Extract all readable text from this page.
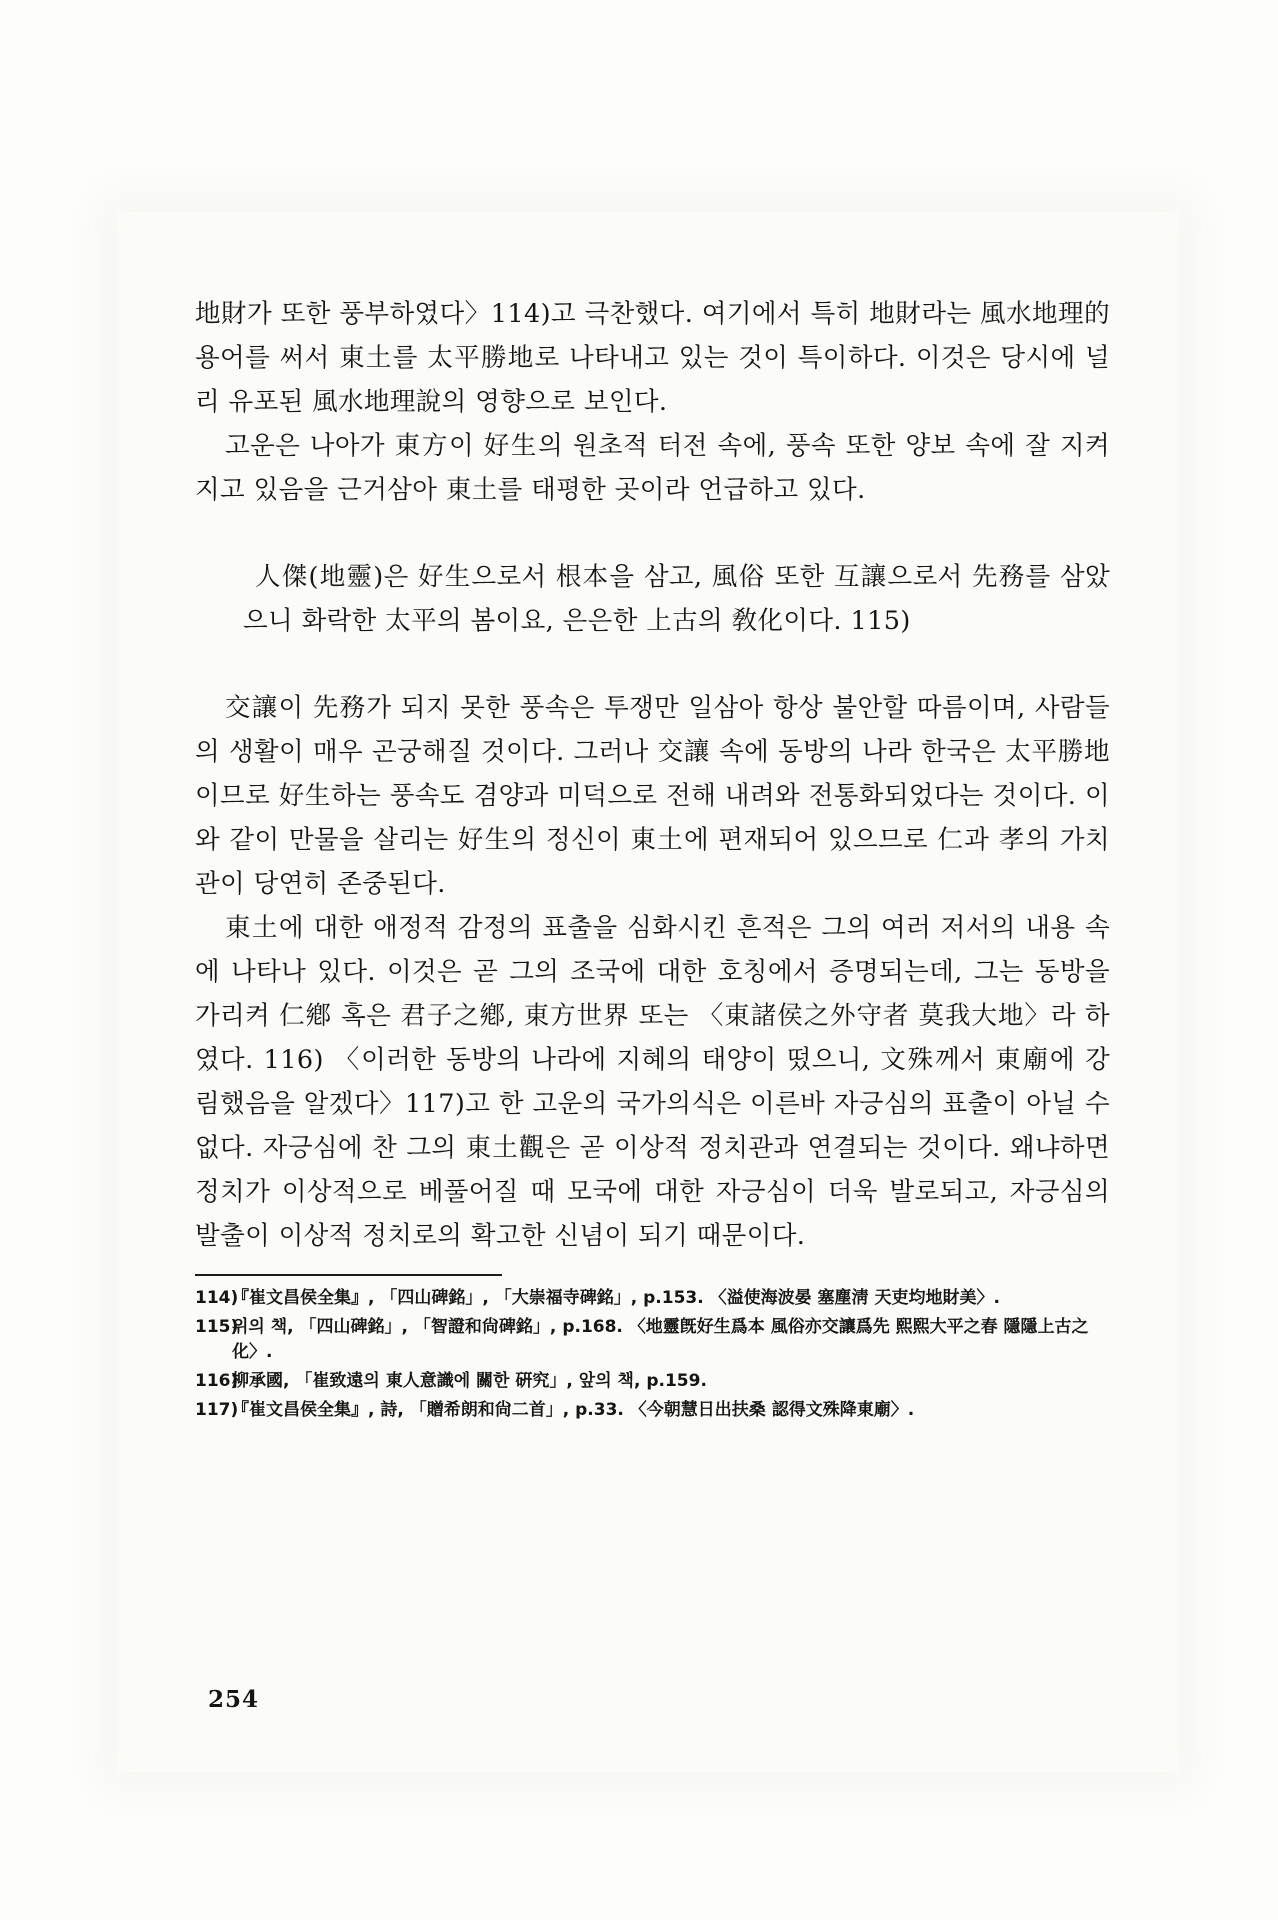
地財가 또한 풍부하였다〉114)고 극찬했다. 여기에서 특히 地財라는 風水地理的 용어를 써서 東土를 太平勝地로 나타내고 있는 것이 특이하다. 이것은 당시에 널리 유포된 風水地理說의 영향으로 보인다.

고운은 나아가 東方이 好生의 원초적 터전 속에, 풍속 또한 양보 속에 잘 지켜지고 있음을 근거삼아 東土를 태평한 곳이라 언급하고 있다.

人傑(地靈)은 好生으로서 根本을 삼고, 風俗 또한 互讓으로서 先務를 삼았으니 화락한 太平의 봄이요, 은은한 上古의 敎化이다. 115)

交讓이 先務가 되지 못한 풍속은 투쟁만 일삼아 항상 불안할 따름이며, 사람들의 생활이 매우 곤궁해질 것이다. 그러나 交讓 속에 동방의 나라 한국은 太平勝地이므로 好生하는 풍속도 겸양과 미덕으로 전해 내려와 전통화되었다는 것이다. 이와 같이 만물을 살리는 好生의 정신이 東土에 편재되어 있으므로 仁과 孝의 가치관이 당연히 존중된다.

東土에 대한 애정적 감정의 표출을 심화시킨 흔적은 그의 여러 저서의 내용 속에 나타나 있다. 이것은 곧 그의 조국에 대한 호칭에서 증명되는데, 그는 동방을 가리켜 仁鄕 혹은 君子之鄕, 東方世界 또는 〈東諸侯之外守者 莫我大地〉라 하였다. 116) 〈이러한 동방의 나라에 지혜의 태양이 떴으니, 文殊께서 東廟에 강림했음을 알겠다〉117)고 한 고운의 국가의식은 이른바 자긍심의 표출이 아닐 수 없다. 자긍심에 찬 그의 東土觀은 곧 이상적 정치관과 연결되는 것이다. 왜냐하면 정치가 이상적으로 베풀어질 때 모국에 대한 자긍심이 더욱 발로되고, 자긍심의 발출이 이상적 정치로의 확고한 신념이 되기 때문이다.

114)
『崔文昌侯全集』, 「四山碑銘」, 「大崇福寺碑銘」, p.153. 〈溢使海波晏 塞塵淸 天吏均地財美〉.
115)
위의 책, 「四山碑銘」, 「智證和尙碑銘」, p.168. 〈地靈旣好生爲本 風俗亦交讓爲先 熙熙大平之春 隱隱上古之化〉.
116)
柳承國, 「崔致遠의 東人意識에 關한 硏究」, 앞의 책, p.159.
117)
『崔文昌侯全集』, 詩, 「贈希朗和尙二首」, p.33. 〈今朝慧日出扶桑 認得文殊降東廟〉.
254
